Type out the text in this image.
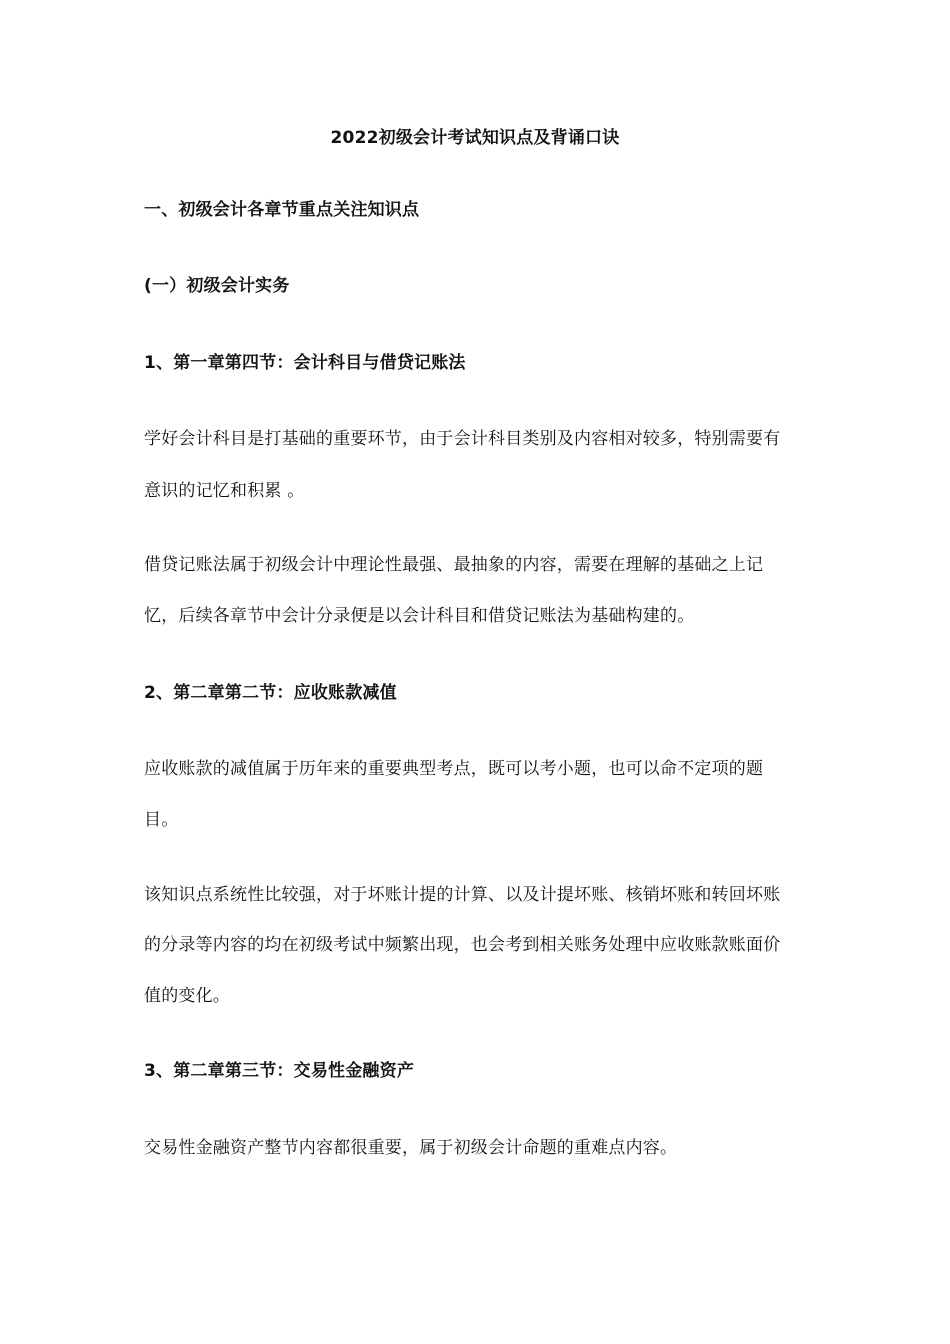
2022初级会计考试知识点及背诵口诀
一、初级会计各章节重点关注知识点
(一）初级会计实务
1、第一章第四节：会计科目与借贷记账法
学好会计科目是打基础的重要环节，由于会计科目类别及内容相对较多，特别需要有
意识的记忆和积累 。
借贷记账法属于初级会计中理论性最强、最抽象的内容，需要在理解的基础之上记
忆，后续各章节中会计分录便是以会计科目和借贷记账法为基础构建的。
2、第二章第二节：应收账款减值
应收账款的减值属于历年来的重要典型考点，既可以考小题，也可以命不定项的题
目。
该知识点系统性比较强，对于坏账计提的计算、以及计提坏账、核销坏账和转回坏账
的分录等内容的均在初级考试中频繁出现，也会考到相关账务处理中应收账款账面价
值的变化。
3、第二章第三节：交易性金融资产
交易性金融资产整节内容都很重要，属于初级会计命题的重难点内容。
